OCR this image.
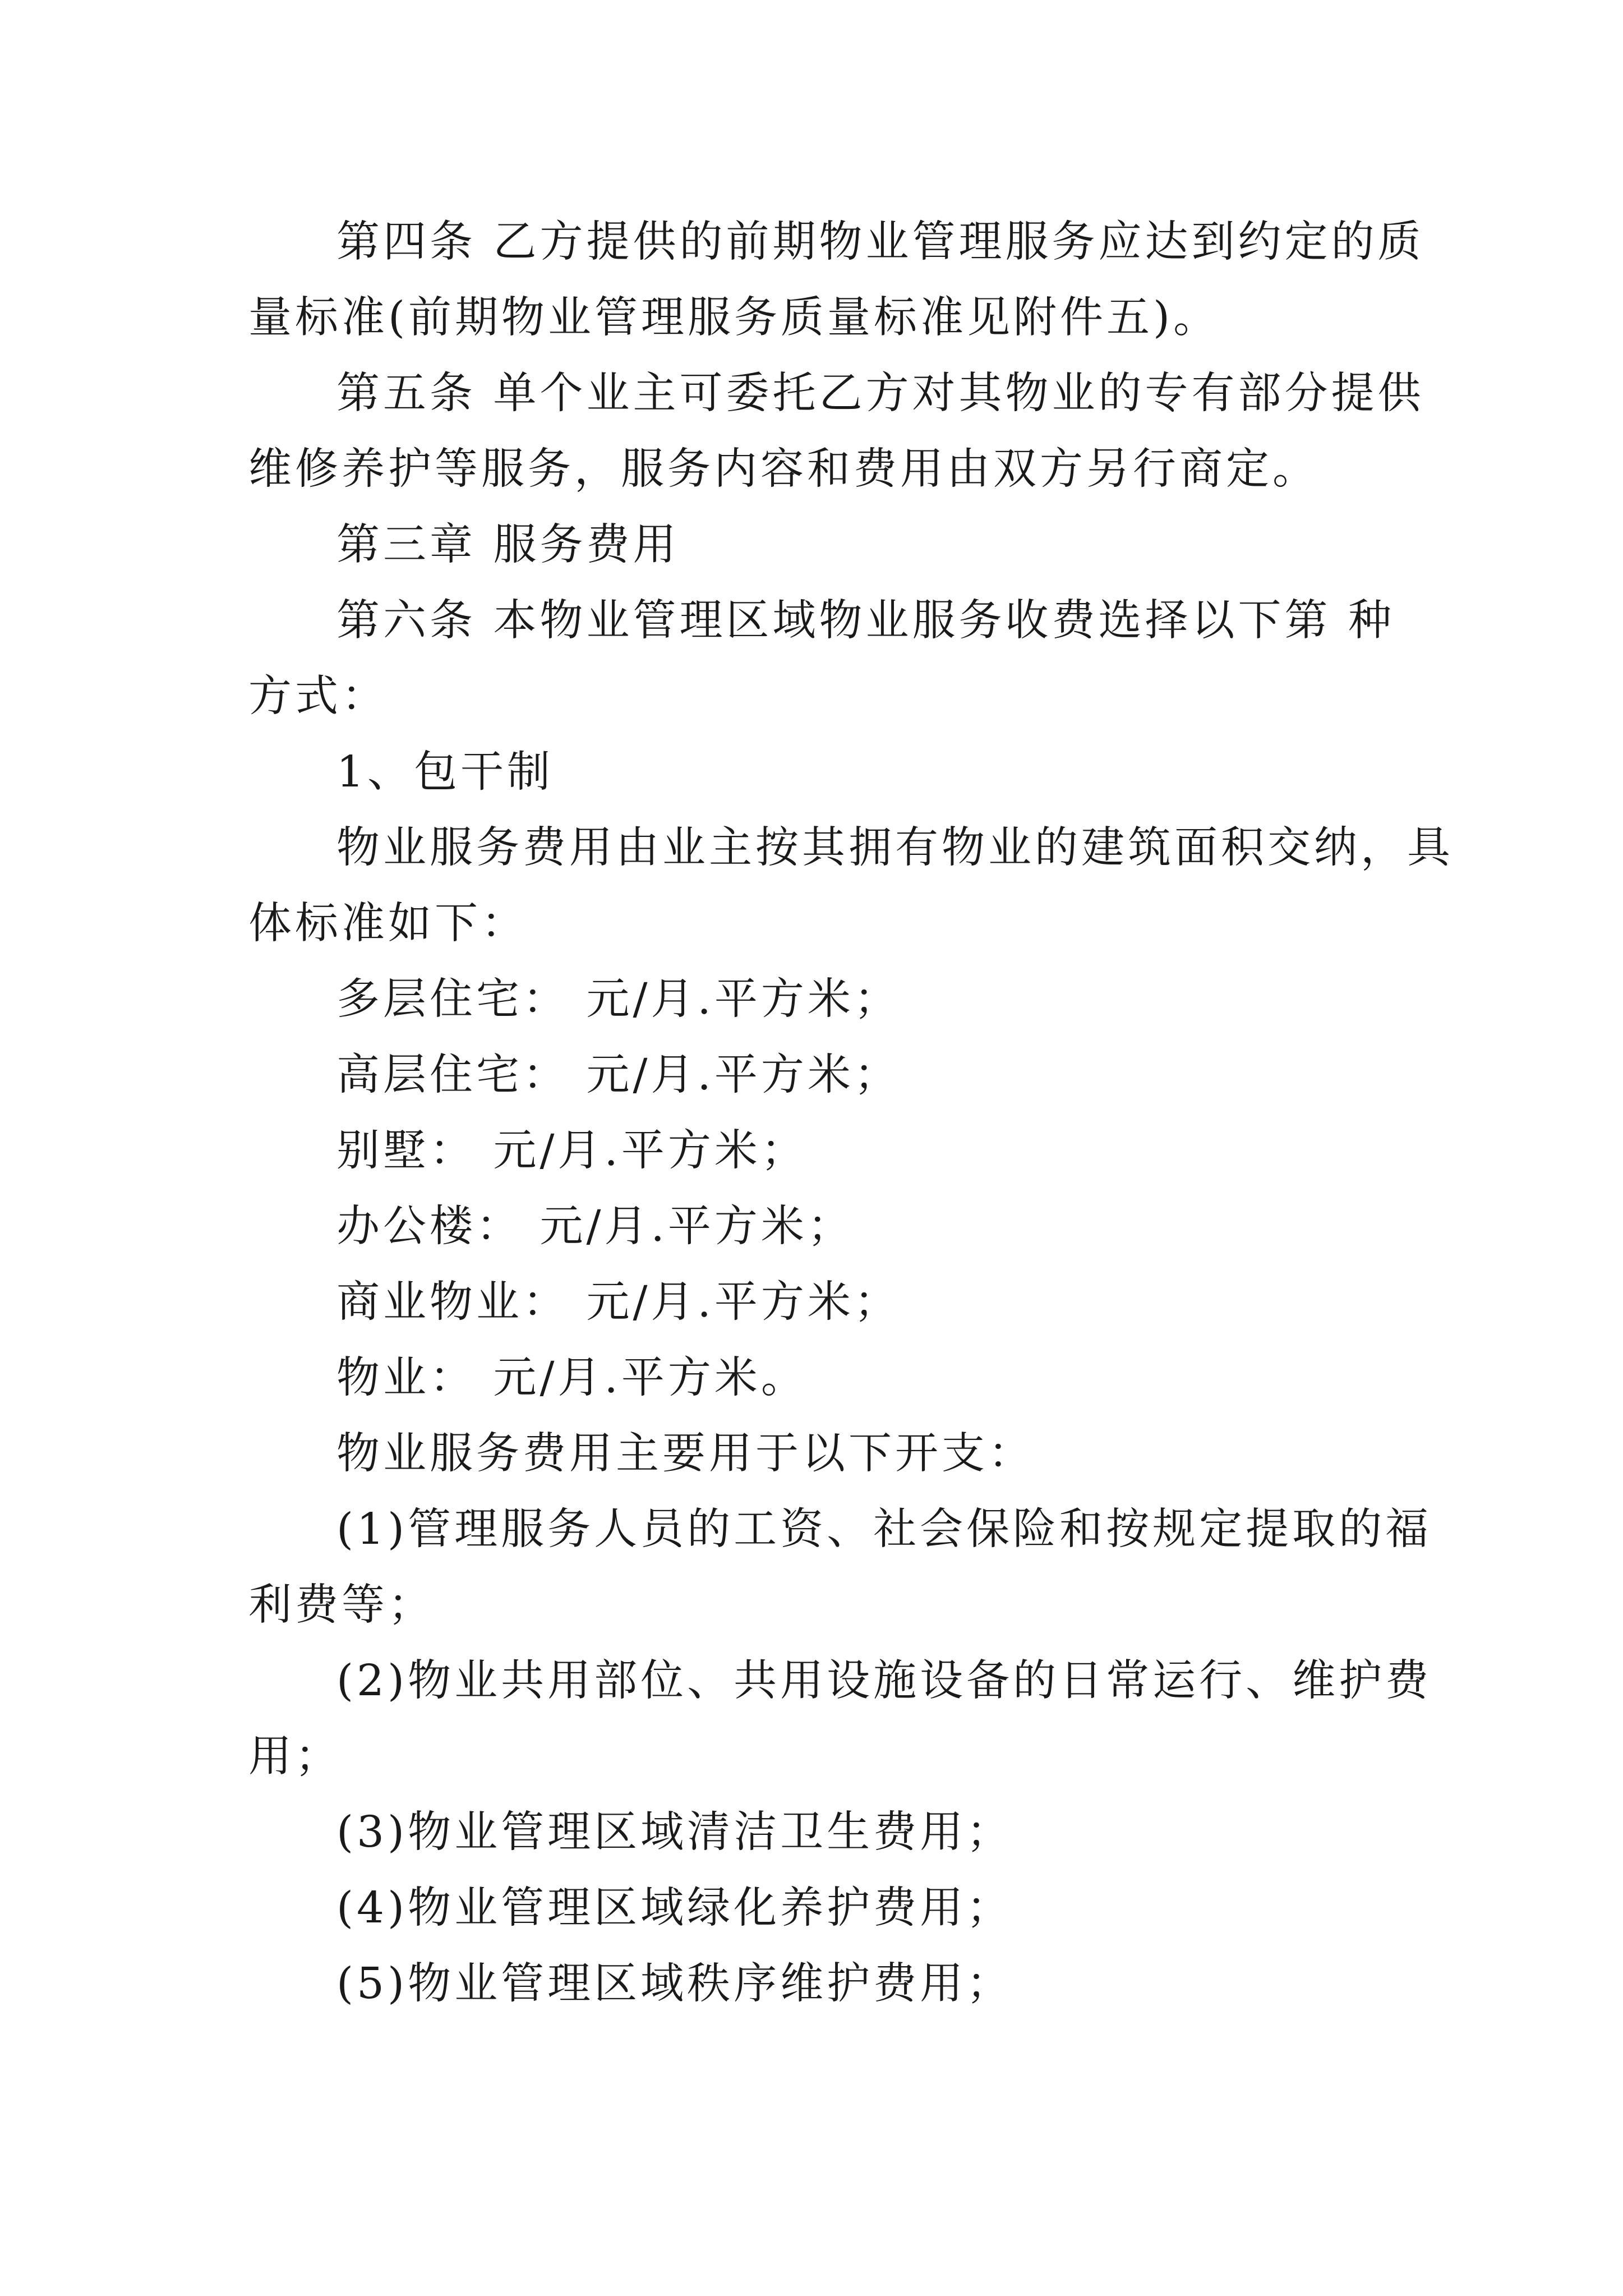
第四条 乙方提供的前期物业管理服务应达到约定的质
量标准(前期物业管理服务质量标准见附件五)。
第五条 单个业主可委托乙方对其物业的专有部分提供
维修养护等服务，服务内容和费用由双方另行商定。
第三章 服务费用
第六条 本物业管理区域物业服务收费选择以下第 种
方式：
1、包干制
物业服务费用由业主按其拥有物业的建筑面积交纳，具
体标准如下：
多层住宅： 元/月.平方米；
高层住宅： 元/月.平方米；
别墅： 元/月.平方米；
办公楼： 元/月.平方米；
商业物业： 元/月.平方米；
物业： 元/月.平方米。
物业服务费用主要用于以下开支：
(1)管理服务人员的工资、社会保险和按规定提取的福
利费等；
(2)物业共用部位、共用设施设备的日常运行、维护费
用；
(3)物业管理区域清洁卫生费用；
(4)物业管理区域绿化养护费用；
(5)物业管理区域秩序维护费用；
